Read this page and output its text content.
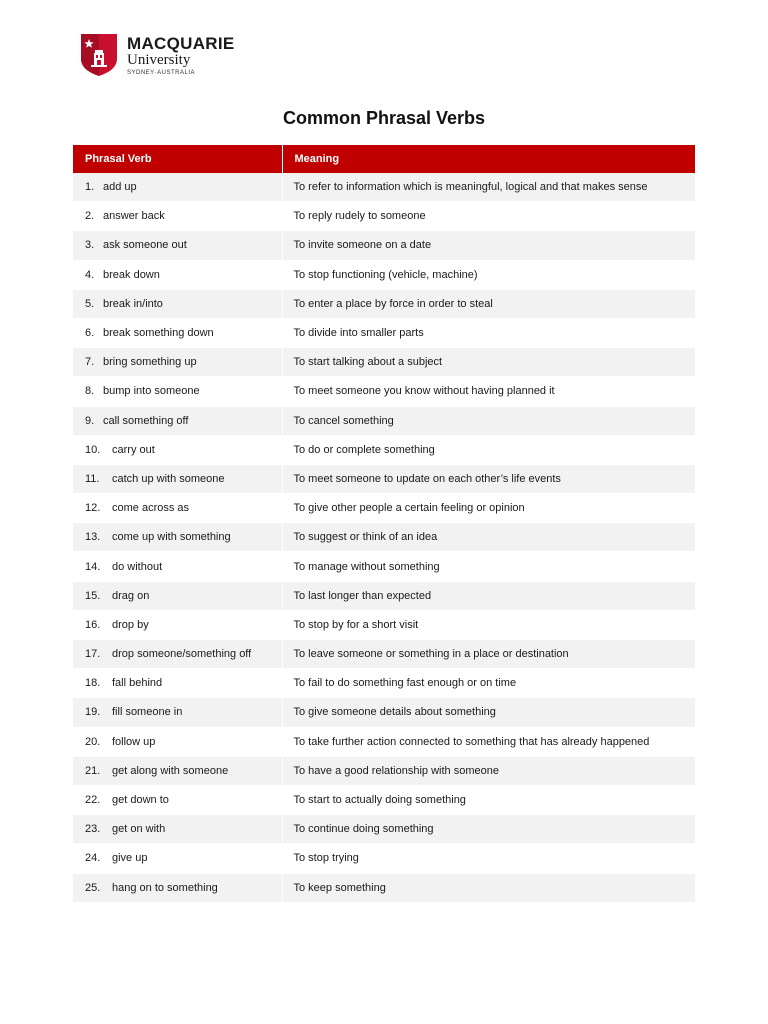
MACQUARIE
University
SYDNEY·AUSTRALIA
Common Phrasal Verbs
Phrasal Verb	Meaning
1. add up	To refer to information which is meaningful, logical and that makes sense
2. answer back	To reply rudely to someone
3. ask someone out	To invite someone on a date
4. break down	To stop functioning (vehicle, machine)
5. break in/into	To enter a place by force in order to steal
6. break something down	To divide into smaller parts
7. bring something up	To start talking about a subject
8. bump into someone	To meet someone you know without having planned it
9. call something off	To cancel something
10. carry out	To do or complete something
11. catch up with someone	To meet someone to update on each other’s life events
12. come across as	To give other people a certain feeling or opinion
13. come up with something	To suggest or think of an idea
14. do without	To manage without something
15. drag on	To last longer than expected
16. drop by	To stop by for a short visit
17. drop someone/something off	To leave someone or something in a place or destination
18. fall behind	To fail to do something fast enough or on time
19. fill someone in	To give someone details about something
20. follow up	To take further action connected to something that has already happened
21. get along with someone	To have a good relationship with someone
22. get down to	To start to actually doing something
23. get on with	To continue doing something
24. give up	To stop trying
25. hang on to something	To keep something
